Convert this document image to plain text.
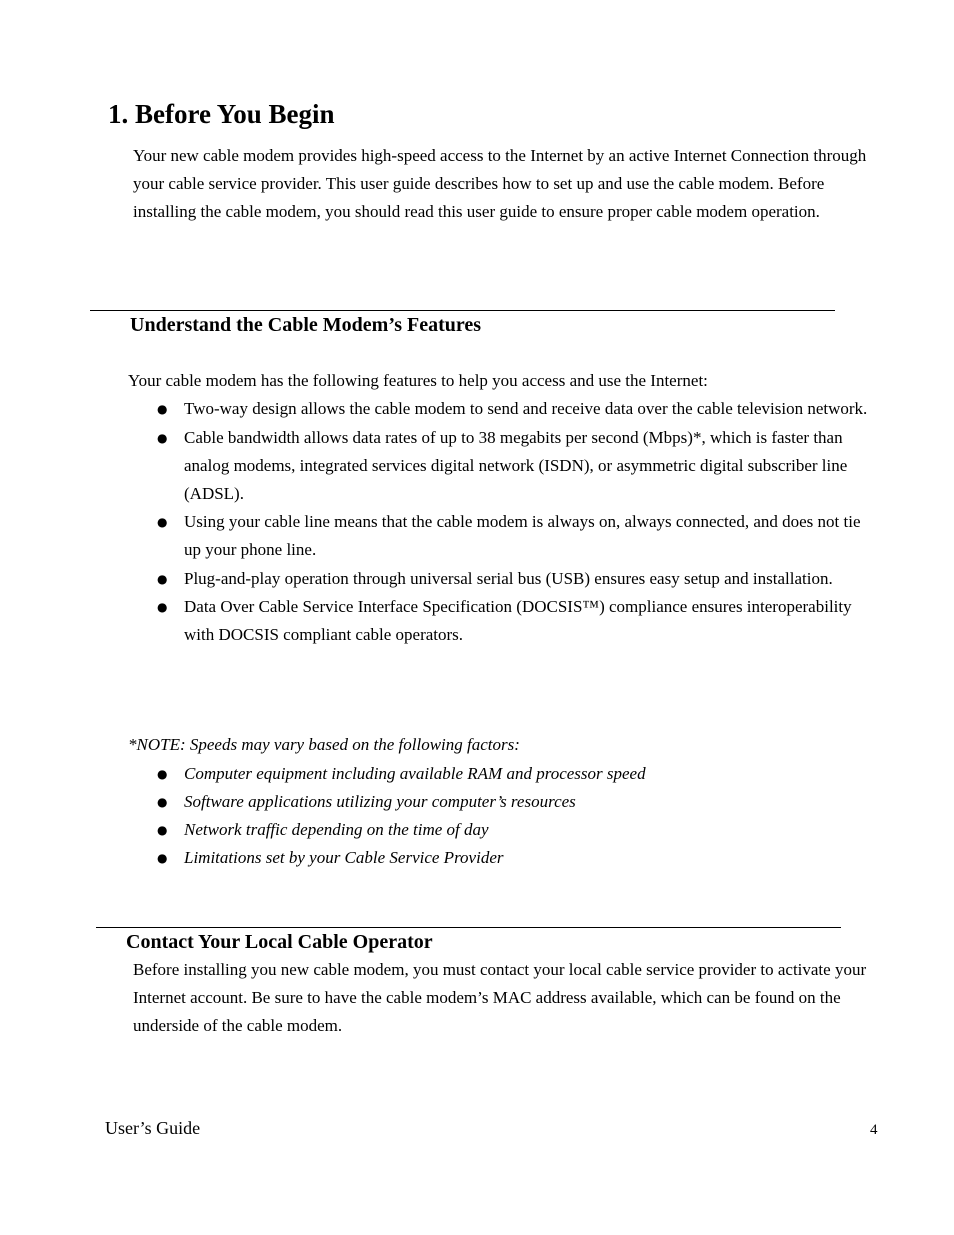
1. Before You Begin

Your new cable modem provides high-speed access to the Internet by an active Internet Connection through your cable service provider. This user guide describes how to set up and use the cable modem. Before installing the cable modem, you should read this user guide to ensure proper cable modem operation.

Understand the Cable Modem’s Features

Your cable modem has the following features to help you access and use the Internet:

● Two-way design allows the cable modem to send and receive data over the cable television network.
● Cable bandwidth allows data rates of up to 38 megabits per second (Mbps)*, which is faster than analog modems, integrated services digital network (ISDN), or asymmetric digital subscriber line (ADSL).
● Using your cable line means that the cable modem is always on, always connected, and does not tie up your phone line.
● Plug-and-play operation through universal serial bus (USB) ensures easy setup and installation.
● Data Over Cable Service Interface Specification (DOCSIS™) compliance ensures interoperability with DOCSIS compliant cable operators.

*NOTE: Speeds may vary based on the following factors:

● Computer equipment including available RAM and processor speed
● Software applications utilizing your computer’s resources
● Network traffic depending on the time of day
● Limitations set by your Cable Service Provider
Contact Your Local Cable Operator

Before installing you new cable modem, you must contact your local cable service provider to activate your Internet account. Be sure to have the cable modem’s MAC address available, which can be found on the underside of the cable modem.

User’s Guide	4
